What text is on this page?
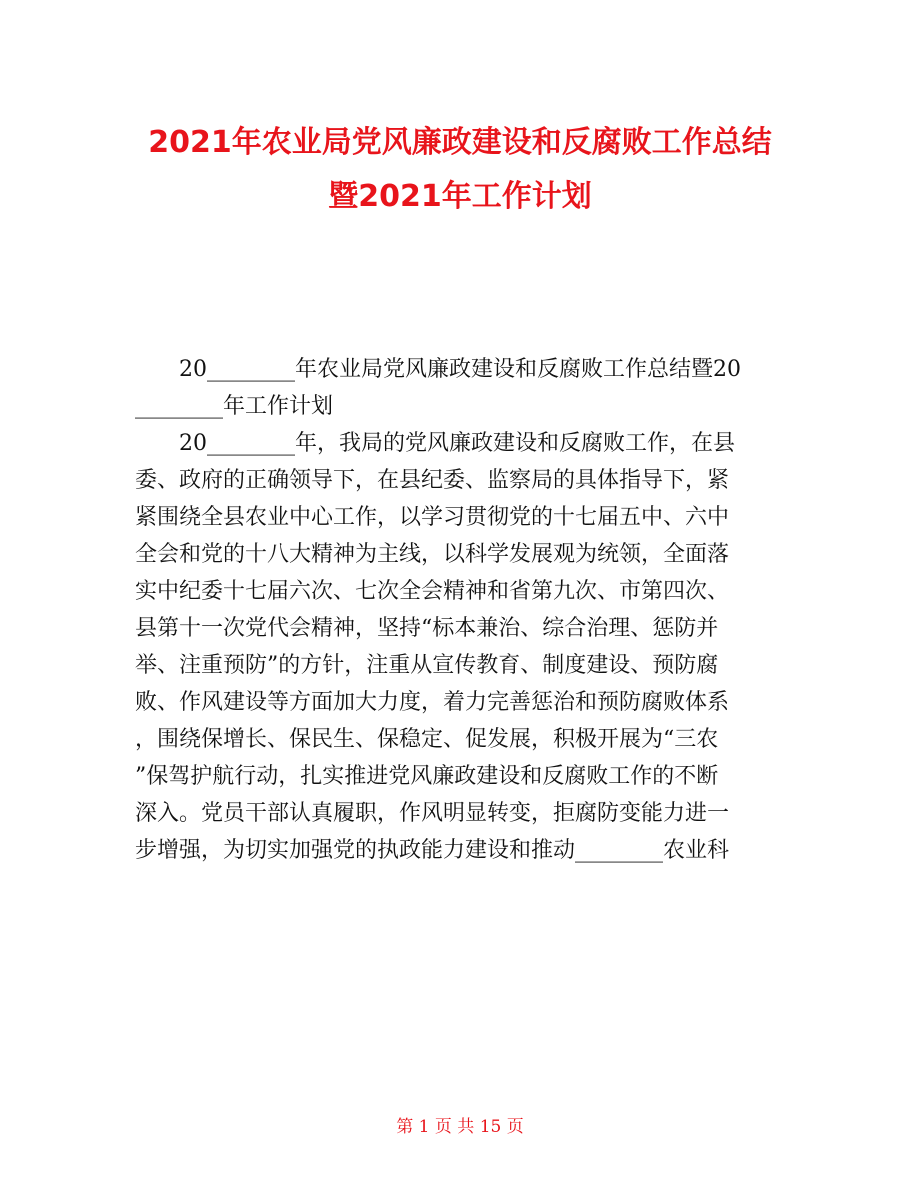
2021年农业局党风廉政建设和反腐败工作总结
暨2021年工作计划
　　20________年农业局党风廉政建设和反腐败工作总结暨20
________年工作计划
　　20________年，我局的党风廉政建设和反腐败工作，在县
委、政府的正确领导下，在县纪委、监察局的具体指导下，紧
紧围绕全县农业中心工作，以学习贯彻党的十七届五中、六中
全会和党的十八大精神为主线，以科学发展观为统领，全面落
实中纪委十七届六次、七次全会精神和省第九次、市第四次、
县第十一次党代会精神，坚持“标本兼治、综合治理、惩防并
举、注重预防”的方针，注重从宣传教育、制度建设、预防腐
败、作风建设等方面加大力度，着力完善惩治和预防腐败体系
，围绕保增长、保民生、保稳定、促发展，积极开展为“三农
”保驾护航行动，扎实推进党风廉政建设和反腐败工作的不断
深入。党员干部认真履职，作风明显转变，拒腐防变能力进一
步增强，为切实加强党的执政能力建设和推动________农业科
第 1 页 共 15 页
